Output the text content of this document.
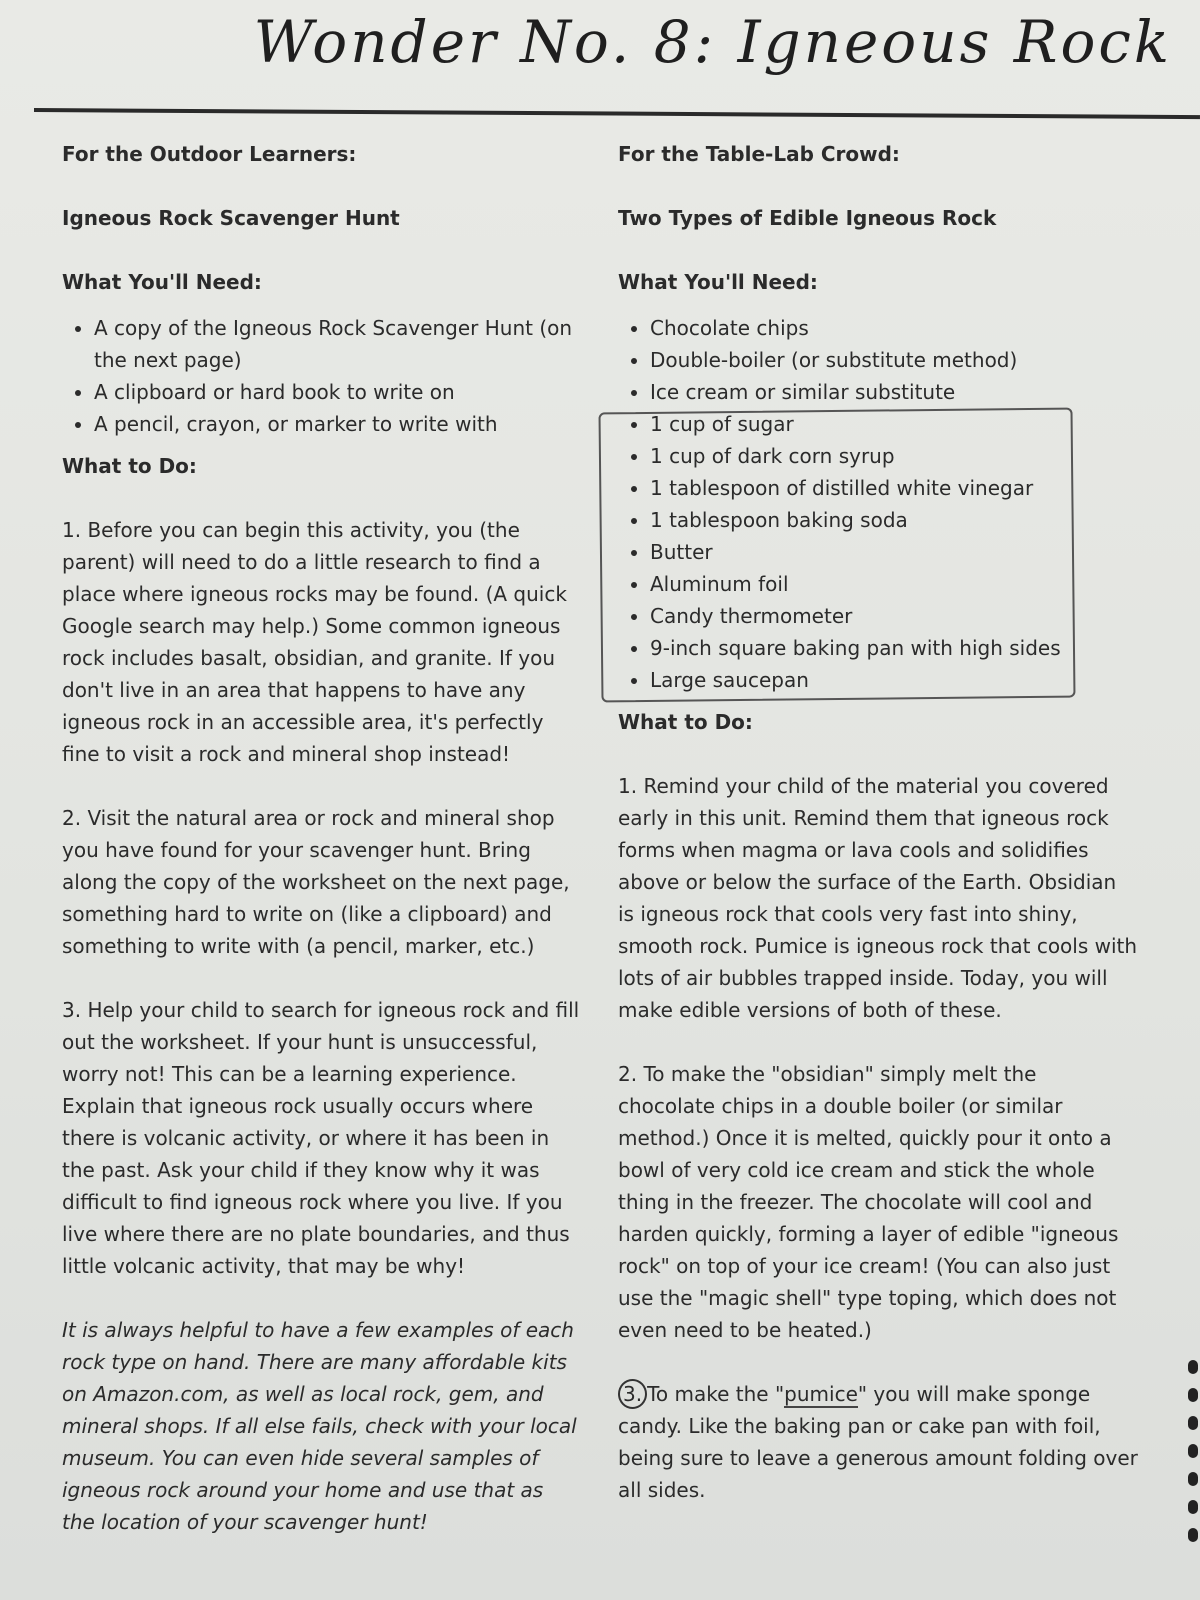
Wonder No. 8: Igneous Rock

For the Outdoor Learners:

Igneous Rock Scavenger Hunt

What You'll Need:

• A copy of the Igneous Rock Scavenger Hunt (on the next page)
• A clipboard or hard book to write on
• A pencil, crayon, or marker to write with

What to Do:

1. Before you can begin this activity, you (the parent) will need to do a little research to find a place where igneous rocks may be found. (A quick Google search may help.) Some common igneous rock includes basalt, obsidian, and granite. If you don't live in an area that happens to have any igneous rock in an accessible area, it's perfectly fine to visit a rock and mineral shop instead!

2. Visit the natural area or rock and mineral shop you have found for your scavenger hunt. Bring along the copy of the worksheet on the next page, something hard to write on (like a clipboard) and something to write with (a pencil, marker, etc.)

3. Help your child to search for igneous rock and fill out the worksheet. If your hunt is unsuccessful, worry not! This can be a learning experience. Explain that igneous rock usually occurs where there is volcanic activity, or where it has been in the past. Ask your child if they know why it was difficult to find igneous rock where you live. If you live where there are no plate boundaries, and thus little volcanic activity, that may be why!

It is always helpful to have a few examples of each rock type on hand. There are many affordable kits on Amazon.com, as well as local rock, gem, and mineral shops. If all else fails, check with your local museum. You can even hide several samples of igneous rock around your home and use that as the location of your scavenger hunt!

For the Table-Lab Crowd:

Two Types of Edible Igneous Rock

What You'll Need:

• Chocolate chips
• Double-boiler (or substitute method)
• Ice cream or similar substitute
• 1 cup of sugar
• 1 cup of dark corn syrup
• 1 tablespoon of distilled white vinegar
• 1 tablespoon baking soda
• Butter
• Aluminum foil
• Candy thermometer
• 9-inch square baking pan with high sides
• Large saucepan

What to Do:

1. Remind your child of the material you covered early in this unit. Remind them that igneous rock forms when magma or lava cools and solidifies above or below the surface of the Earth. Obsidian is igneous rock that cools very fast into shiny, smooth rock. Pumice is igneous rock that cools with lots of air bubbles trapped inside. Today, you will make edible versions of both of these.

2. To make the "obsidian" simply melt the chocolate chips in a double boiler (or similar method.) Once it is melted, quickly pour it onto a bowl of very cold ice cream and stick the whole thing in the freezer. The chocolate will cool and harden quickly, forming a layer of edible "igneous rock" on top of your ice cream! (You can also just use the "magic shell" type toping, which does not even need to be heated.)

3. To make the "pumice" you will make sponge candy. Like the baking pan or cake pan with foil, being sure to leave a generous amount folding over all sides.
